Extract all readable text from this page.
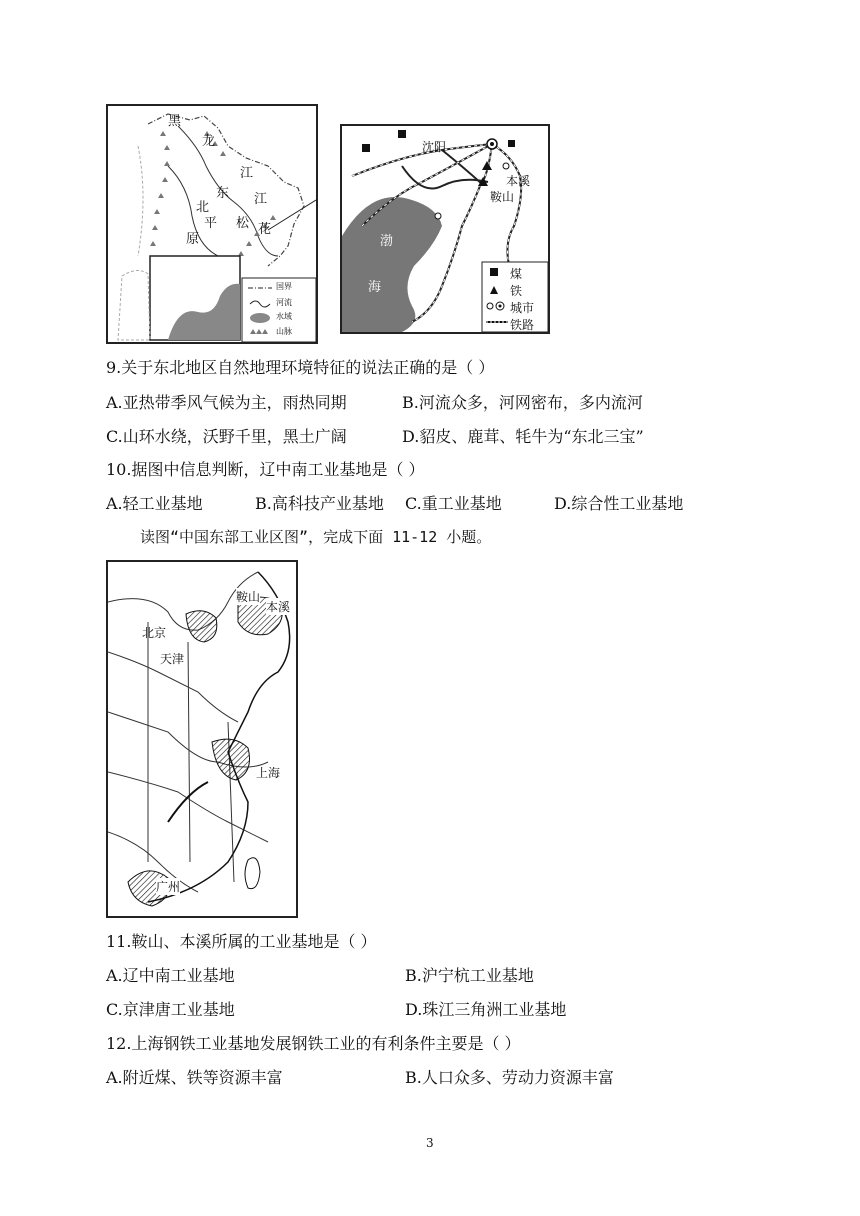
黑
龙
江
东
北
江
平 松 花
原
国界
河流
水域
山脉
沈阳
本溪
鞍山
渤
海
煤
铁
城市
铁路
9.关于东北地区自然地理环境特征的说法正确的是（ ）
A.亚热带季风气候为主，雨热同期	B.河流众多，河网密布，多内流河
C.山环水绕，沃野千里，黑土广阔	D.貂皮、鹿茸、牦牛为“东北三宝”
10.据图中信息判断，辽中南工业基地是（ ）
A.轻工业基地	B.高科技产业基地 C.重工业基地	D.综合性工业基地
读图“中国东部工业区图”，完成下面 11-12 小题。
鞍山
本溪
北京
天津
上海
广州
11.鞍山、本溪所属的工业基地是（ ）
A.辽中南工业基地	B.沪宁杭工业基地
C.京津唐工业基地	D.珠江三角洲工业基地
12.上海钢铁工业基地发展钢铁工业的有利条件主要是（ ）
A.附近煤、铁等资源丰富	B.人口众多、劳动力资源丰富
3
